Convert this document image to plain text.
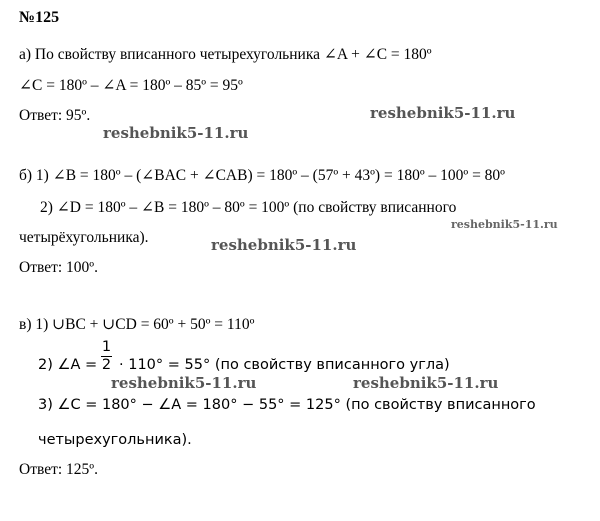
№125
а) По свойству вписанного четырехугольника ∠A + ∠C = 180º
∠C = 180º – ∠A = 180º – 85º = 95º
Ответ: 95º.	reshebnik5-11.ru
reshebnik5-11.ru
б) 1) ∠B = 180º – (∠BAC + ∠CAB) = 180º – (57º + 43º) = 180º – 100º = 80º
2) ∠D = 180º – ∠B = 180º – 80º = 100º (по свойству вписанного
reshebnik5-11.ru
четырёхугольника).	reshebnik5-11.ru
Ответ: 100º.
в) 1) ∪BC + ∪CD = 60º + 50º = 110º
2) ∠A =
1
2 · 110° = 55° (по свойству вписанного угла)
reshebnik5-11.ru	reshebnik5-11.ru
3) ∠C = 180° − ∠A = 180° − 55° = 125° (по свойству вписанного
четырехугольника).
Ответ: 125º.
